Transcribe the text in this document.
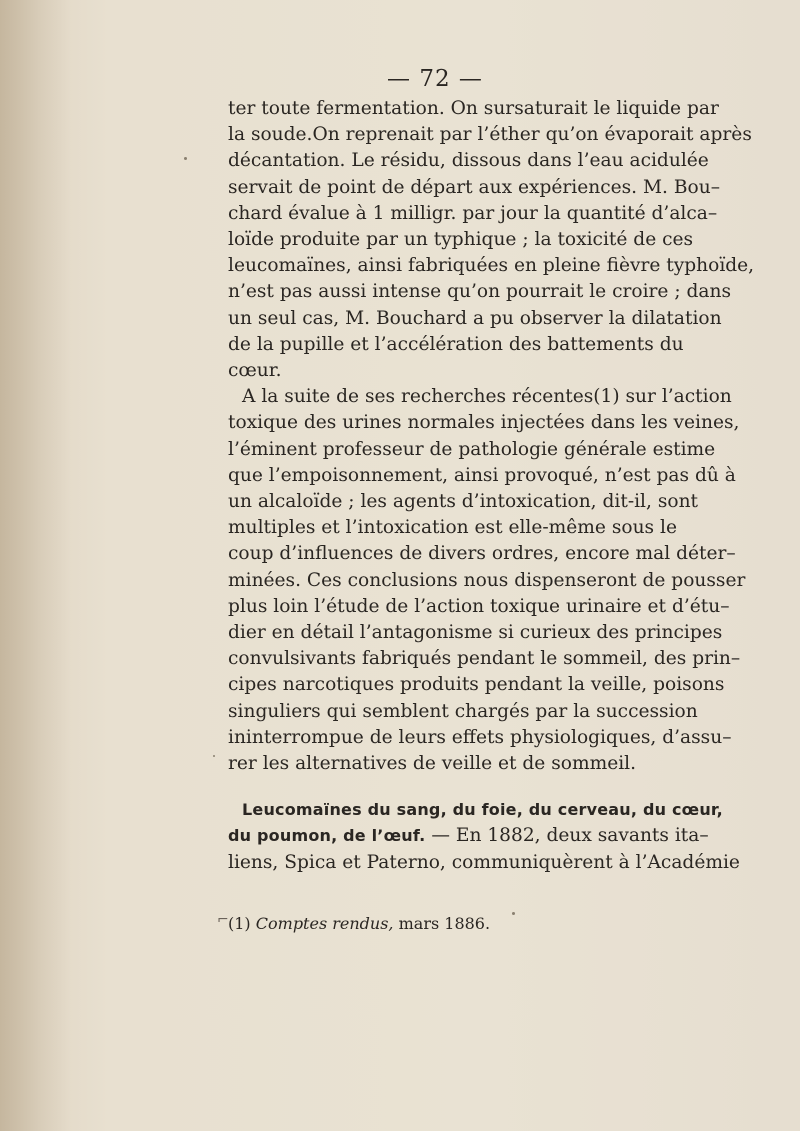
— 72 —
ter toute fermentation. On sursaturait le liquide par
la soude.On reprenait par l’éther qu’on évaporait après
décantation. Le résidu, dissous dans l’eau acidulée
servait de point de départ aux expériences. M. Bou–
chard évalue à 1 milligr. par jour la quantité d’alca–
loïde produite par un typhique ; la toxicité de ces
leucomaïnes, ainsi fabriquées en pleine fièvre typhoïde,
n’est pas aussi intense qu’on pourrait le croire ; dans
un seul cas, M. Bouchard a pu observer la dilatation
de la pupille et l’accélération des battements du
cœur.
A la suite de ses recherches récentes(1) sur l’action
toxique des urines normales injectées dans les veines,
l’éminent professeur de pathologie générale estime
que l’empoisonnement, ainsi provoqué, n’est pas dû à
un alcaloïde ; les agents d’intoxication, dit-il, sont
multiples et l’intoxication est elle-même sous le
coup d’influences de divers ordres, encore mal déter–
minées. Ces conclusions nous dispenseront de pousser
plus loin l’étude de l’action toxique urinaire et d’étu–
dier en détail l’antagonisme si curieux des principes
convulsivants fabriqués pendant le sommeil, des prin–
cipes narcotiques produits pendant la veille, poisons
singuliers qui semblent chargés par la succession
ininterrompue de leurs effets physiologiques, d’assu–
rer les alternatives de veille et de sommeil.
Leucomaïnes du sang, du foie, du cerveau, du cœur,
du poumon, de l’œuf. — En 1882, deux savants ita–
liens, Spica et Paterno, communiquèrent à l’Académie
⌐ (1) Comptes rendus, mars 1886.
